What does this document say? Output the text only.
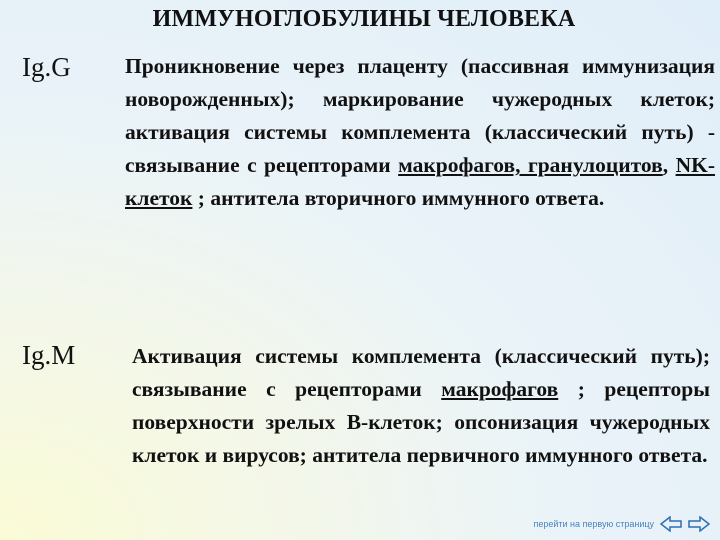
ИММУНОГЛОБУЛИНЫ ЧЕЛОВЕКА
Ig.G	Проникновение через плаценту (пассивная иммунизация новорожденных); маркирование чужеродных клеток; активация системы комплемента (классический путь) - связывание с рецепторами макрофагов, гранулоцитов, NK-клеток ; антитела вторичного иммунного ответа.
Ig.M	Активация системы комплемента (классический путь); связывание с рецепторами макрофагов ; рецепторы поверхности зрелых В-клеток; опсонизация чужеродных клеток и вирусов; антитела первичного иммунного ответа.
перейти на первую страницу
